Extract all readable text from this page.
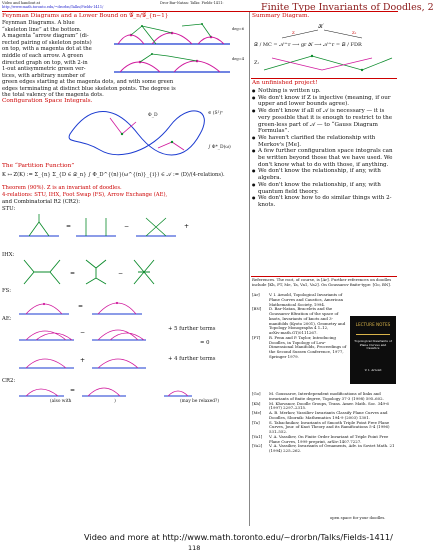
Video and handout at
http://www.math.toronto.edu/~drorbn/Talks/Fields-1411/
Dror Bar-Natan: Talks: Fields-1411:	Finite Type Invariants of Doodles, 2
Feynman Diagrams and a Lower Bound on 𝒢_n/𝒢_{n−1}
Feynman Diagrams. A blue
“skeleton line” at the bottom.
A magenta “arrow diagram” (di-
rected pairing of skeleton points)
on top, with a magenta dot at the
middle of each arrow. A green
directed graph on top, with 2-in
1-out antisymmetric green ver-
tices, with arbitrary number of
green edges starting at the magenta dots, and with some green
edges terminating at distinct blue skeleton points. The degree is
the total valency of the magenta dots.
deg=6
deg=4
Configuration Space Integrals.
Φ_D	∈ (S¹)ᵉ
∫ Φ*_D(ω)
The “Partition Function”
K ↦ Z(K) := Σ_{n} Σ_{D ∈ 𝒟_n} ∫ Φ_D^{(n)}(ω^{(n)}_{i}) ∈ 𝒜 := ⟨D⟩/(4-relations).
Theorem (90%). Z is an invariant of doodles.
4-relations: STU, IHX, Foot Swap (FS), Arrow Exchange (AE),
and Combinatorial R2 (CR2):
STU:
=	−	+
IHX:
=	−
FS:
=
AE:
−
+
+ 5 further terms
= 0
+ 4 further terms
CR2:
=
(also with	)	(may be relaxed?)
Summary Diagram.
𝒦
𝒟 / MC = 𝒜^r ⟶ gr 𝒦 ⟶ 𝒜^r = 𝒟 / FDR
Z	Z₂
Z:
An unfinished project!
● Nothing is written up.
● We don't know if Z is injective (meaning, if our upper and lower bounds agree).
● We don't know if all of 𝒜 is necessary — it is very possible that it is enough to restrict to the green-less part of 𝒜 — to “Gauss Diagram Formulas”.
● We haven't clarified the relationship with Merkov's [Me].
● A few further configuration space integrals can be written beyond those that we have used. We don't know what to do with those, if anything.
● We don't know the relationship, if any, with algebra.
● We don't know the relationship, if any, with quantum field theory.
● We don't know how to do similar things with 2-knots.
References. The root, of course, is [Ar]. Further references on doodles include [Kh, FT, Me, Ta, Va1, Va2]. On Goussarov finite-type: [Go, BN].
[Ar]	V. I. Arnold, Topological Invariants of Plane Curves and Caustics, American Mathematical Society, 1994.
[BN]	D. Bar-Natan, Bracelets and the Goussarov filtration of the space of knots, Invariants of knots and 3-manifolds (Kyoto 2001), Geometry and Topology Monographs 4 1–12, arXiv:math.GT/0111267.
[FT]	R. Fenn and P. Taylor, Introducing Doodles, in Topology of Low-Dimensional Manifolds, Proceedings of the Second Sussex Conference, 1977, Springer 1979.
[Go]	M. Goussarov, Interdependent modifications of links and invariants of finite degree, Topology 37-3 (1998) 595–602.
[Kh]	M. Khovanov, Doodle Groups, Trans. Amer. Math. Soc. 349-6 (1997) 2297–2315.
[Me]	A. B. Merkov, Vassiliev Invariants Classify Plane Curves and Doodles, Sbornik: Mathematics 194-9 (2003) 1301.
[Ta]	S. Tabachnikov, Invariants of Smooth Triple Point Free Plane Curves, Jour. of Knot Theory and its Ramifications 5-4 (1996) 531–552.
[Va1]	V. A. Vassiliev, On Finite Order Invariant of Triple Point Free Plane Curves, 1999 preprint, arXiv:1407.7227.
[Va2]	V. A. Vassiliev, Invariants of Ornaments, Adv. in Soviet Math. 21 (1994) 225–262.
LECTURE NOTES
Topological Invariants of Plane Curves and Caustics
V. I. Arnold
open space for your doodles.
Video and more at http://www.math.toronto.edu/~drorbn/Talks/Fields-1411/
118
